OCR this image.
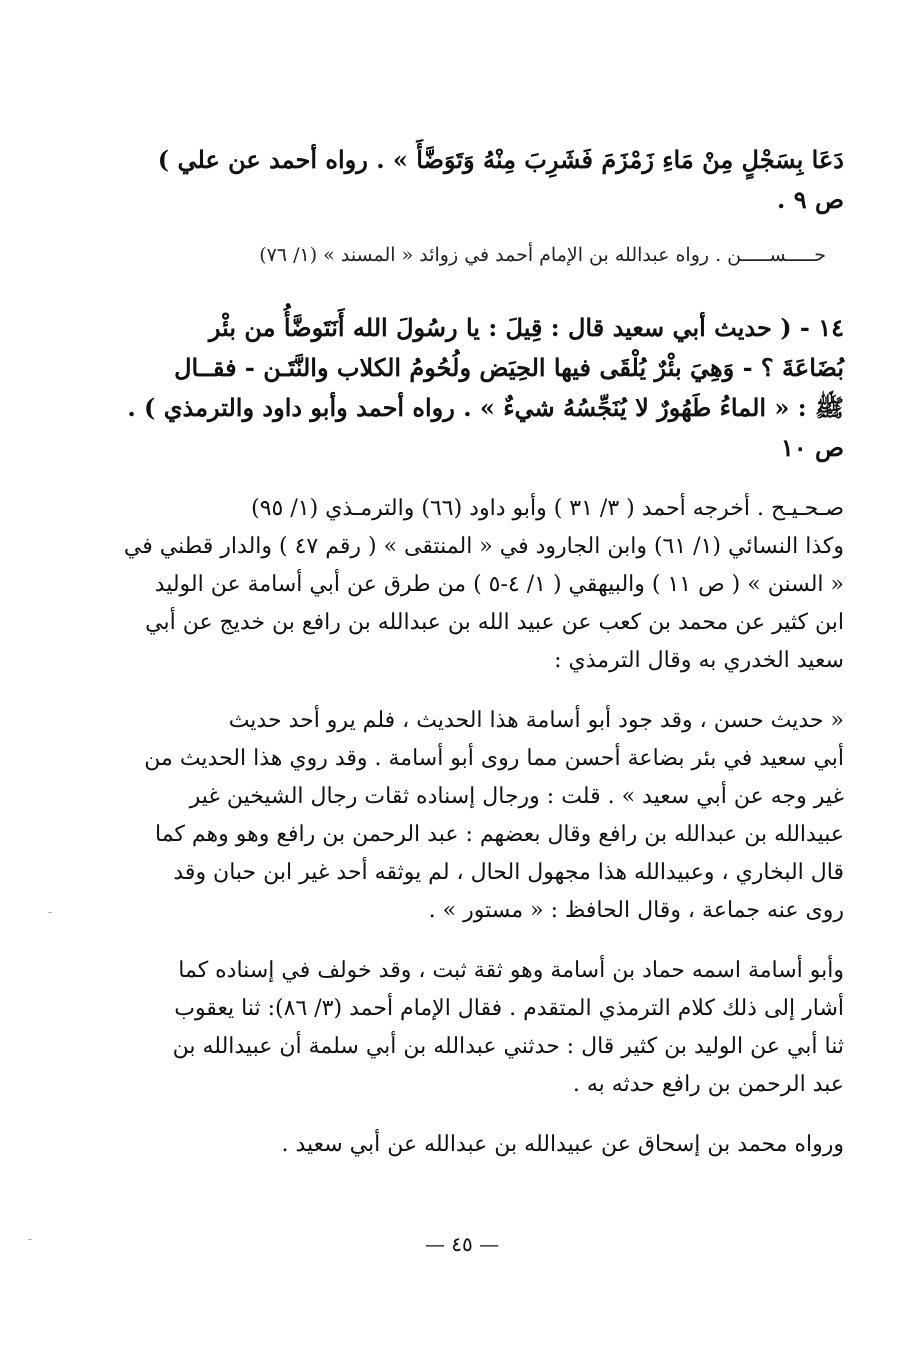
دَعَا بِسَجْلٍ مِنْ مَاءِ زَمْزَمَ فَشَرِبَ مِنْهُ وَتَوَضَّأَ » . رواه أحمد عن علي )

ص ٩ .

حـــــســـــن . رواه عبدالله بن الإمام أحمد في زوائد « المسند » (١/ ٧٦)

١٤ - ( حديث أبي سعيد قال : قِيلَ : يا رسُولَ الله أَنَتَوضَّأُ من بئْر

بُضَاعَةَ ؟ - وَهِيَ بئْرٌ يُلْقَى فيها الحِيَض ولُحُومُ الكلاب والنَّتَـن - فقــال

ﷺ : « الماءُ طَهُورٌ لا يُنَجِّسُهُ شيءٌ » . رواه أحمد وأبو داود والترمذي ) .

ص ١٠

صـحـيـح . أخرجه أحمد ( ٣/ ٣١ ) وأبو داود (٦٦) والترمـذي (١/ ٩٥)

وكذا النسائي (١/ ٦١) وابن الجارود في « المنتقى » ( رقم ٤٧ ) والدار قطني في

« السنن » ( ص ١١ ) والبيهقي ( ١/ ٤-٥ ) من طرق عن أبي أسامة عن الوليد

ابن كثير عن محمد بن كعب عن عبيد الله بن عبدالله بن رافع بن خديج عن أبي

سعيد الخدري به وقال الترمذي :

« حديث حسن ، وقد جود أبو أسامة هذا الحديث ، فلم يرو أحد حديث

أبي سعيد في بئر بضاعة أحسن مما روى أبو أسامة . وقد روي هذا الحديث من

غير وجه عن أبي سعيد » . قلت : ورجال إسناده ثقات رجال الشيخين غير

عبيدالله بن عبدالله بن رافع وقال بعضهم : عبد الرحمن بن رافع وهو وهم كما

قال البخاري ، وعبيدالله هذا مجهول الحال ، لم يوثقه أحد غير ابن حبان وقد

روى عنه جماعة ، وقال الحافظ : « مستور » .

وأبو أسامة اسمه حماد بن أسامة وهو ثقة ثبت ، وقد خولف في إسناده كما

أشار إلى ذلك كلام الترمذي المتقدم . فقال الإمام أحمد (٣/ ٨٦): ثنا يعقوب

ثنا أبي عن الوليد بن كثير قال : حدثني عبدالله بن أبي سلمة أن عبيدالله بن

عبد الرحمن بن رافع حدثه به .

ورواه محمد بن إسحاق عن عبيدالله بن عبدالله عن أبي سعيد .

— ٤٥ —
-
-
